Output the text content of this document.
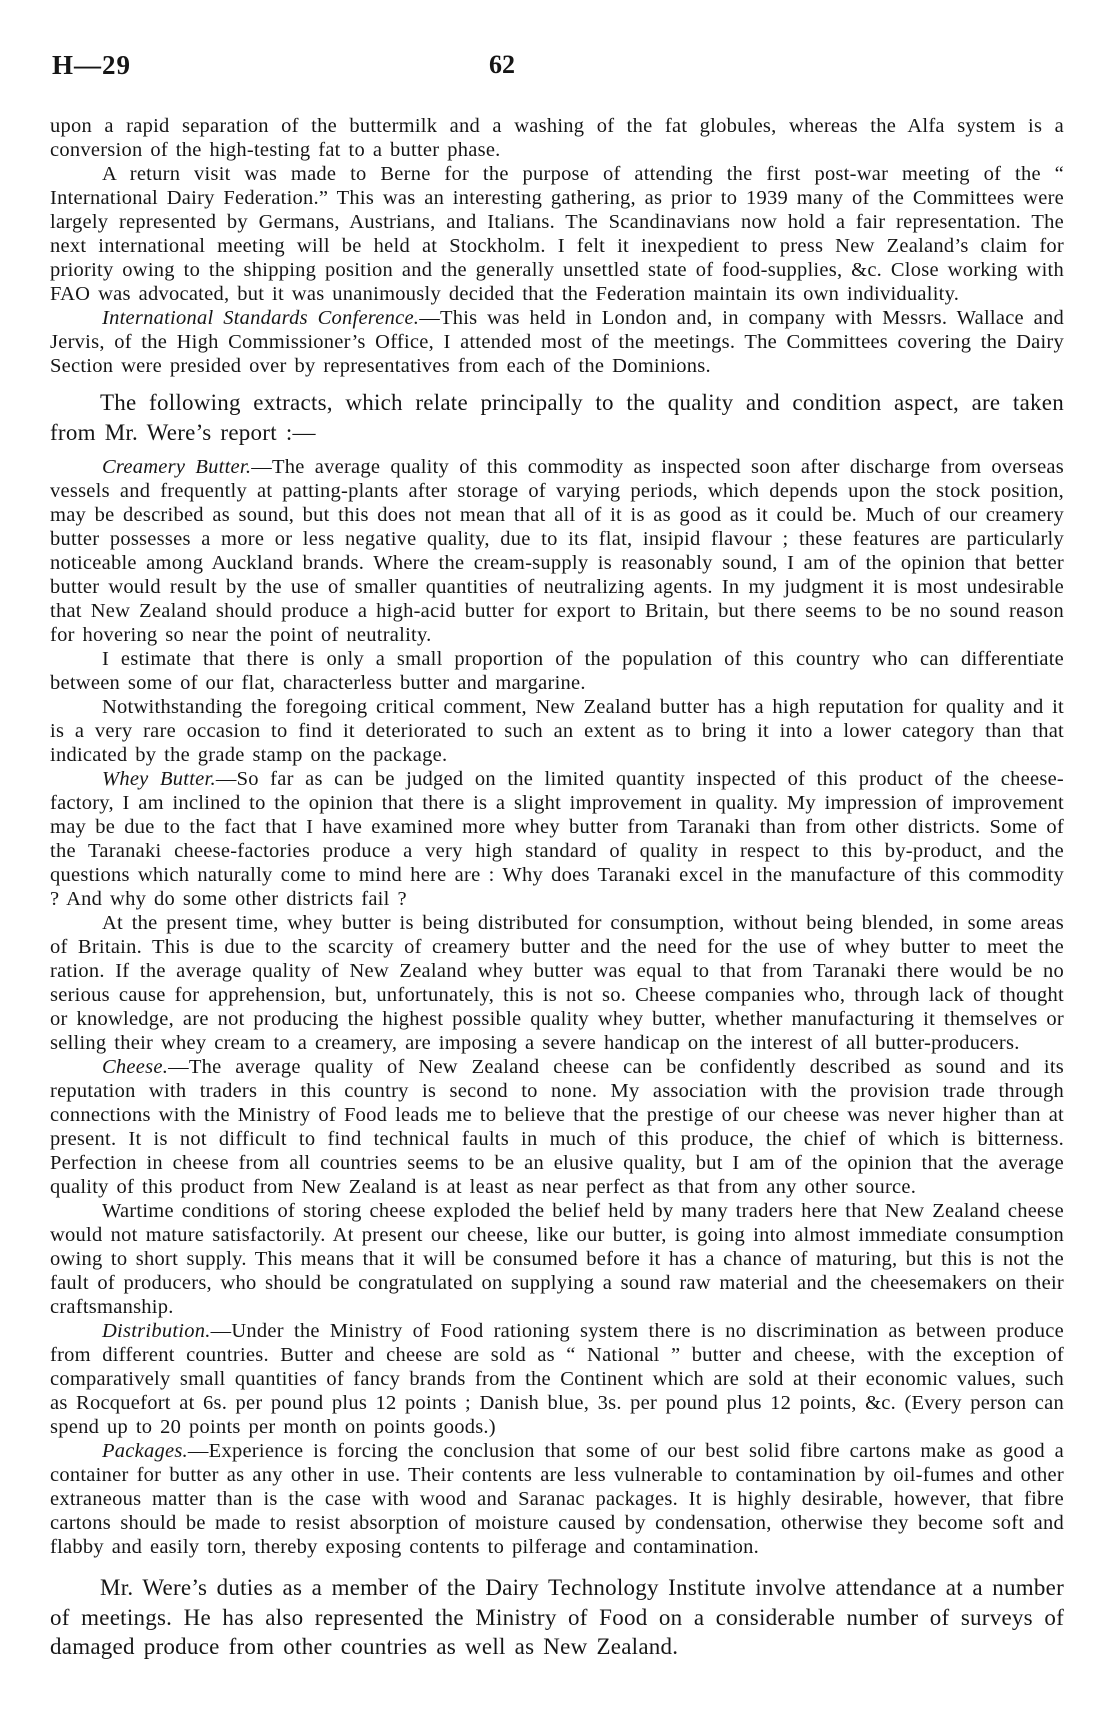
H—29	62

upon a rapid separation of the buttermilk and a washing of the fat globules, whereas the Alfa system is a conversion of the high-testing fat to a butter phase.

A return visit was made to Berne for the purpose of attending the first post-war meeting of the “ International Dairy Federation.” This was an interesting gathering, as prior to 1939 many of the Committees were largely represented by Germans, Austrians, and Italians. The Scandinavians now hold a fair representation. The next international meeting will be held at Stockholm. I felt it inexpedient to press New Zealand’s claim for priority owing to the shipping position and the generally unsettled state of food-supplies, &c. Close working with FAO was advocated, but it was unanimously decided that the Federation maintain its own individuality.

International Standards Conference.—This was held in London and, in company with Messrs. Wallace and Jervis, of the High Commissioner’s Office, I attended most of the meetings. The Committees covering the Dairy Section were presided over by representatives from each of the Dominions.

The following extracts, which relate principally to the quality and condition aspect, are taken from Mr. Were’s report :—

Creamery Butter.—The average quality of this commodity as inspected soon after discharge from overseas vessels and frequently at patting-plants after storage of varying periods, which depends upon the stock position, may be described as sound, but this does not mean that all of it is as good as it could be. Much of our creamery butter possesses a more or less negative quality, due to its flat, insipid flavour ; these features are particularly noticeable among Auckland brands. Where the cream-supply is reasonably sound, I am of the opinion that better butter would result by the use of smaller quantities of neutralizing agents. In my judgment it is most undesirable that New Zealand should produce a high-acid butter for export to Britain, but there seems to be no sound reason for hovering so near the point of neutrality.

I estimate that there is only a small proportion of the population of this country who can differentiate between some of our flat, characterless butter and margarine.

Notwithstanding the foregoing critical comment, New Zealand butter has a high reputation for quality and it is a very rare occasion to find it deteriorated to such an extent as to bring it into a lower category than that indicated by the grade stamp on the package.

Whey Butter.—So far as can be judged on the limited quantity inspected of this product of the cheese-factory, I am inclined to the opinion that there is a slight improvement in quality. My impression of improvement may be due to the fact that I have examined more whey butter from Taranaki than from other districts. Some of the Taranaki cheese-factories produce a very high standard of quality in respect to this by-product, and the questions which naturally come to mind here are : Why does Taranaki excel in the manufacture of this commodity ? And why do some other districts fail ?

At the present time, whey butter is being distributed for consumption, without being blended, in some areas of Britain. This is due to the scarcity of creamery butter and the need for the use of whey butter to meet the ration. If the average quality of New Zealand whey butter was equal to that from Taranaki there would be no serious cause for apprehension, but, unfortunately, this is not so. Cheese companies who, through lack of thought or knowledge, are not producing the highest possible quality whey butter, whether manufacturing it themselves or selling their whey cream to a creamery, are imposing a severe handicap on the interest of all butter-producers.

Cheese.—The average quality of New Zealand cheese can be confidently described as sound and its reputation with traders in this country is second to none. My association with the provision trade through connections with the Ministry of Food leads me to believe that the prestige of our cheese was never higher than at present. It is not difficult to find technical faults in much of this produce, the chief of which is bitterness. Perfection in cheese from all countries seems to be an elusive quality, but I am of the opinion that the average quality of this product from New Zealand is at least as near perfect as that from any other source.

Wartime conditions of storing cheese exploded the belief held by many traders here that New Zealand cheese would not mature satisfactorily. At present our cheese, like our butter, is going into almost immediate consumption owing to short supply. This means that it will be consumed before it has a chance of maturing, but this is not the fault of producers, who should be congratulated on supplying a sound raw material and the cheesemakers on their craftsmanship.

Distribution.—Under the Ministry of Food rationing system there is no discrimination as between produce from different countries. Butter and cheese are sold as “ National ” butter and cheese, with the exception of comparatively small quantities of fancy brands from the Continent which are sold at their economic values, such as Rocquefort at 6s. per pound plus 12 points ; Danish blue, 3s. per pound plus 12 points, &c. (Every person can spend up to 20 points per month on points goods.)

Packages.—Experience is forcing the conclusion that some of our best solid fibre cartons make as good a container for butter as any other in use. Their contents are less vulnerable to contamination by oil-fumes and other extraneous matter than is the case with wood and Saranac packages. It is highly desirable, however, that fibre cartons should be made to resist absorption of moisture caused by condensation, otherwise they become soft and flabby and easily torn, thereby exposing contents to pilferage and contamination.

Mr. Were’s duties as a member of the Dairy Technology Institute involve attendance at a number of meetings. He has also represented the Ministry of Food on a considerable number of surveys of damaged produce from other countries as well as New Zealand.
